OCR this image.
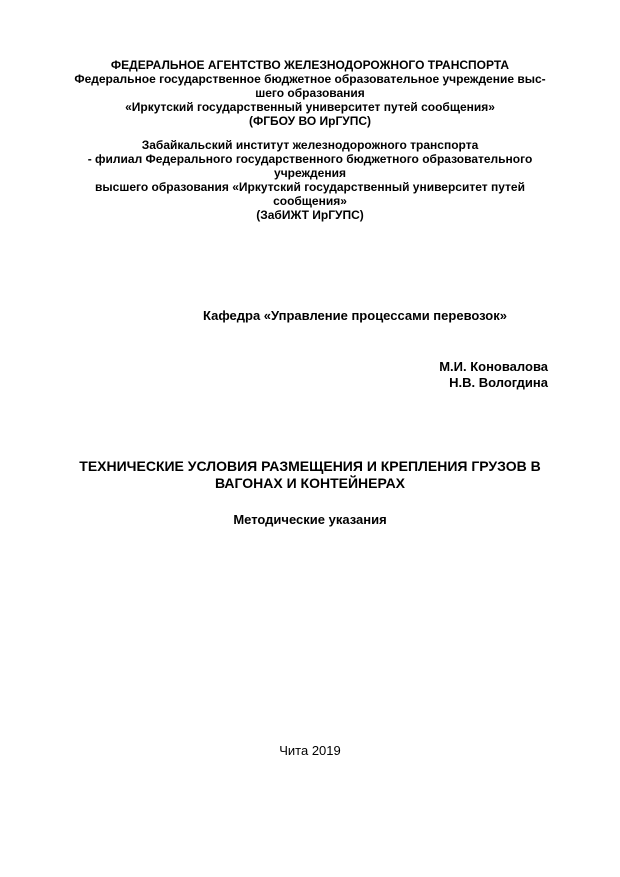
ФЕДЕРАЛЬНОЕ АГЕНТСТВО ЖЕЛЕЗНОДОРОЖНОГО ТРАНСПОРТА
Федеральное государственное бюджетное образовательное учреждение выс-
шего образования
«Иркутский государственный университет путей сообщения»
(ФГБОУ ВО ИрГУПС)
Забайкальский институт железнодорожного транспорта
- филиал Федерального государственного бюджетного образовательного
учреждения
высшего образования «Иркутский государственный университет путей
сообщения»
(ЗабИЖТ ИрГУПС)
Кафедра «Управление процессами перевозок»
М.И. Коновалова
Н.В. Вологдина
ТЕХНИЧЕСКИЕ УСЛОВИЯ РАЗМЕЩЕНИЯ И КРЕПЛЕНИЯ ГРУЗОВ В
ВАГОНАХ И КОНТЕЙНЕРАХ
Методические указания
Чита 2019
